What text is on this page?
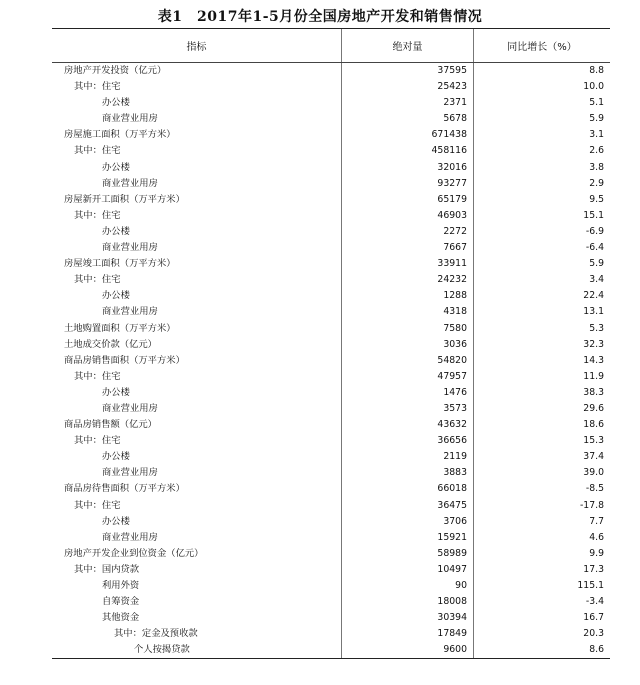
表1　2017年1-5月份全国房地产开发和销售情况
指标	绝对量	同比增长（%）
房地产开发投资（亿元）	37595	8.8
其中：住宅	25423	10.0
办公楼	2371	5.1
商业营业用房	5678	5.9
房屋施工面积（万平方米）	671438	3.1
其中：住宅	458116	2.6
办公楼	32016	3.8
商业营业用房	93277	2.9
房屋新开工面积（万平方米）	65179	9.5
其中：住宅	46903	15.1
办公楼	2272	-6.9
商业营业用房	7667	-6.4
房屋竣工面积（万平方米）	33911	5.9
其中：住宅	24232	3.4
办公楼	1288	22.4
商业营业用房	4318	13.1
土地购置面积（万平方米）	7580	5.3
土地成交价款（亿元）	3036	32.3
商品房销售面积（万平方米）	54820	14.3
其中：住宅	47957	11.9
办公楼	1476	38.3
商业营业用房	3573	29.6
商品房销售额（亿元）	43632	18.6
其中：住宅	36656	15.3
办公楼	2119	37.4
商业营业用房	3883	39.0
商品房待售面积（万平方米）	66018	-8.5
其中：住宅	36475	-17.8
办公楼	3706	7.7
商业营业用房	15921	4.6
房地产开发企业到位资金（亿元）	58989	9.9
其中：国内贷款	10497	17.3
利用外资	90	115.1
自筹资金	18008	-3.4
其他资金	30394	16.7
其中：定金及预收款	17849	20.3
个人按揭贷款	9600	8.6
